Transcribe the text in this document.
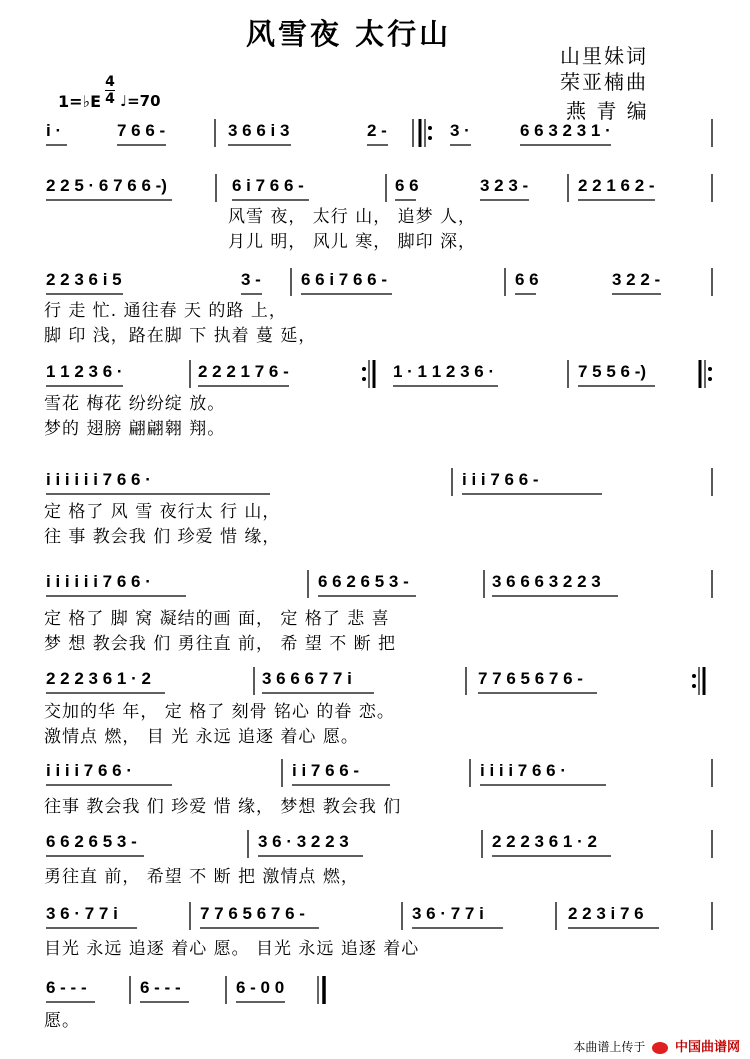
风雪夜 太行山
山里妹词
荣亚楠曲
燕 青 编
1=♭E
4
4 ♩=70
i ·	7 6 6 -	3 6 6 i 3	2 -	3 ·	6 6 3 2 3 1 ·
2 2 5 · 6 7 6 6 -)	6 i 7 6 6 -	6 6	3 2 3 -	2 2 1 6 2 -
风雪 夜， 太行 山， 追梦 人，
月儿 明， 风儿 寒， 脚印 深，
2 2 3 6 i 5	3 - 6 6 i 7 6 6 -	6 6	3 2 2 -
行 走 忙. 通往春 天 的路 上，
脚 印 浅，路在脚 下 执着 蔓 延，
1 1 2 3 6 ·	2 2 2 1 7 6 -	1 · 1 1 2 3 6 ·	7 5 5 6 -)
雪花 梅花 纷纷绽 放。
梦的 翅膀 翩翩翱 翔。
i i i i i i 7 6 6 ·	i i i 7 6 6 -
定 格了 风 雪 夜行太 行 山，
往 事 教会我 们 珍爱 惜 缘，
i i i i i i 7 6 6 ·	6 6 2 6 5 3 -	3 6 6 6 3 2 2 3
定 格了 脚 窝 凝结的画 面， 定 格了 悲 喜
梦 想 教会我 们 勇往直 前， 希 望 不 断 把
2 2 2 3 6 1 · 2	3 6 6 6 7 7 i	7 7 6 5 6 7 6 -
交加的华 年， 定 格了 刻骨 铭心 的眷 恋。
激情点 燃， 目 光 永远 追逐 着心 愿。
i i i i 7 6 6 ·	i i 7 6 6 -	i i i i 7 6 6 ·
往事 教会我 们 珍爱 惜 缘， 梦想 教会我 们
6 6 2 6 5 3 -	3 6 · 3 2 2 3	2 2 2 3 6 1 · 2
勇往直 前， 希望 不 断 把 激情点 燃，
3 6 · 7 7 i	7 7 6 5 6 7 6 -	3 6 · 7 7 i	2 2 3 i 7 6
目光 永远 追逐 着心 愿。 目光 永远 追逐 着心
6 - - -	6 - - -	6 - 0 0
愿。
本曲谱上传于 中国曲谱网
